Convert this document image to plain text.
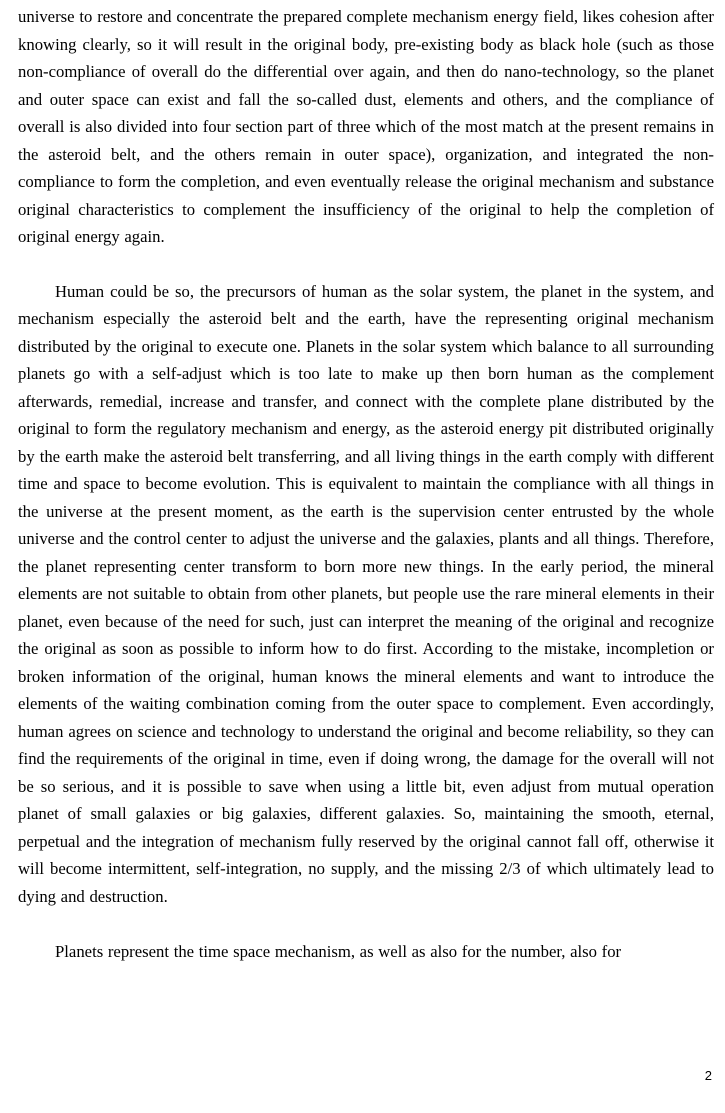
universe to restore and concentrate the prepared complete mechanism energy field, likes cohesion after knowing clearly, so it will result in the original body, pre-existing body as black hole (such as those non-compliance of overall do the differential over again, and then do nano-technology, so the planet and outer space can exist and fall the so-called dust, elements and others, and the compliance of overall is also divided into four section part of three which of the most match at the present remains in the asteroid belt, and the others remain in outer space), organization, and integrated the non-compliance to form the completion, and even eventually release the original mechanism and substance original characteristics to complement the insufficiency of the original to help the completion of original energy again.

Human could be so, the precursors of human as the solar system, the planet in the system, and mechanism especially the asteroid belt and the earth, have the representing original mechanism distributed by the original to execute one. Planets in the solar system which balance to all surrounding planets go with a self-adjust which is too late to make up then born human as the complement afterwards, remedial, increase and transfer, and connect with the complete plane distributed by the original to form the regulatory mechanism and energy, as the asteroid energy pit distributed originally by the earth make the asteroid belt transferring, and all living things in the earth comply with different time and space to become evolution. This is equivalent to maintain the compliance with all things in the universe at the present moment, as the earth is the supervision center entrusted by the whole universe and the control center to adjust the universe and the galaxies, plants and all things. Therefore, the planet representing center transform to born more new things. In the early period, the mineral elements are not suitable to obtain from other planets, but people use the rare mineral elements in their planet, even because of the need for such, just can interpret the meaning of the original and recognize the original as soon as possible to inform how to do first. According to the mistake, incompletion or broken information of the original, human knows the mineral elements and want to introduce the elements of the waiting combination coming from the outer space to complement. Even accordingly, human agrees on science and technology to understand the original and become reliability, so they can find the requirements of the original in time, even if doing wrong, the damage for the overall will not be so serious, and it is possible to save when using a little bit, even adjust from mutual operation planet of small galaxies or big galaxies, different galaxies. So, maintaining the smooth, eternal, perpetual and the integration of mechanism fully reserved by the original cannot fall off, otherwise it will become intermittent, self-integration, no supply, and the missing 2/3 of which ultimately lead to dying and destruction.

Planets represent the time space mechanism, as well as also for the number, also for

2
